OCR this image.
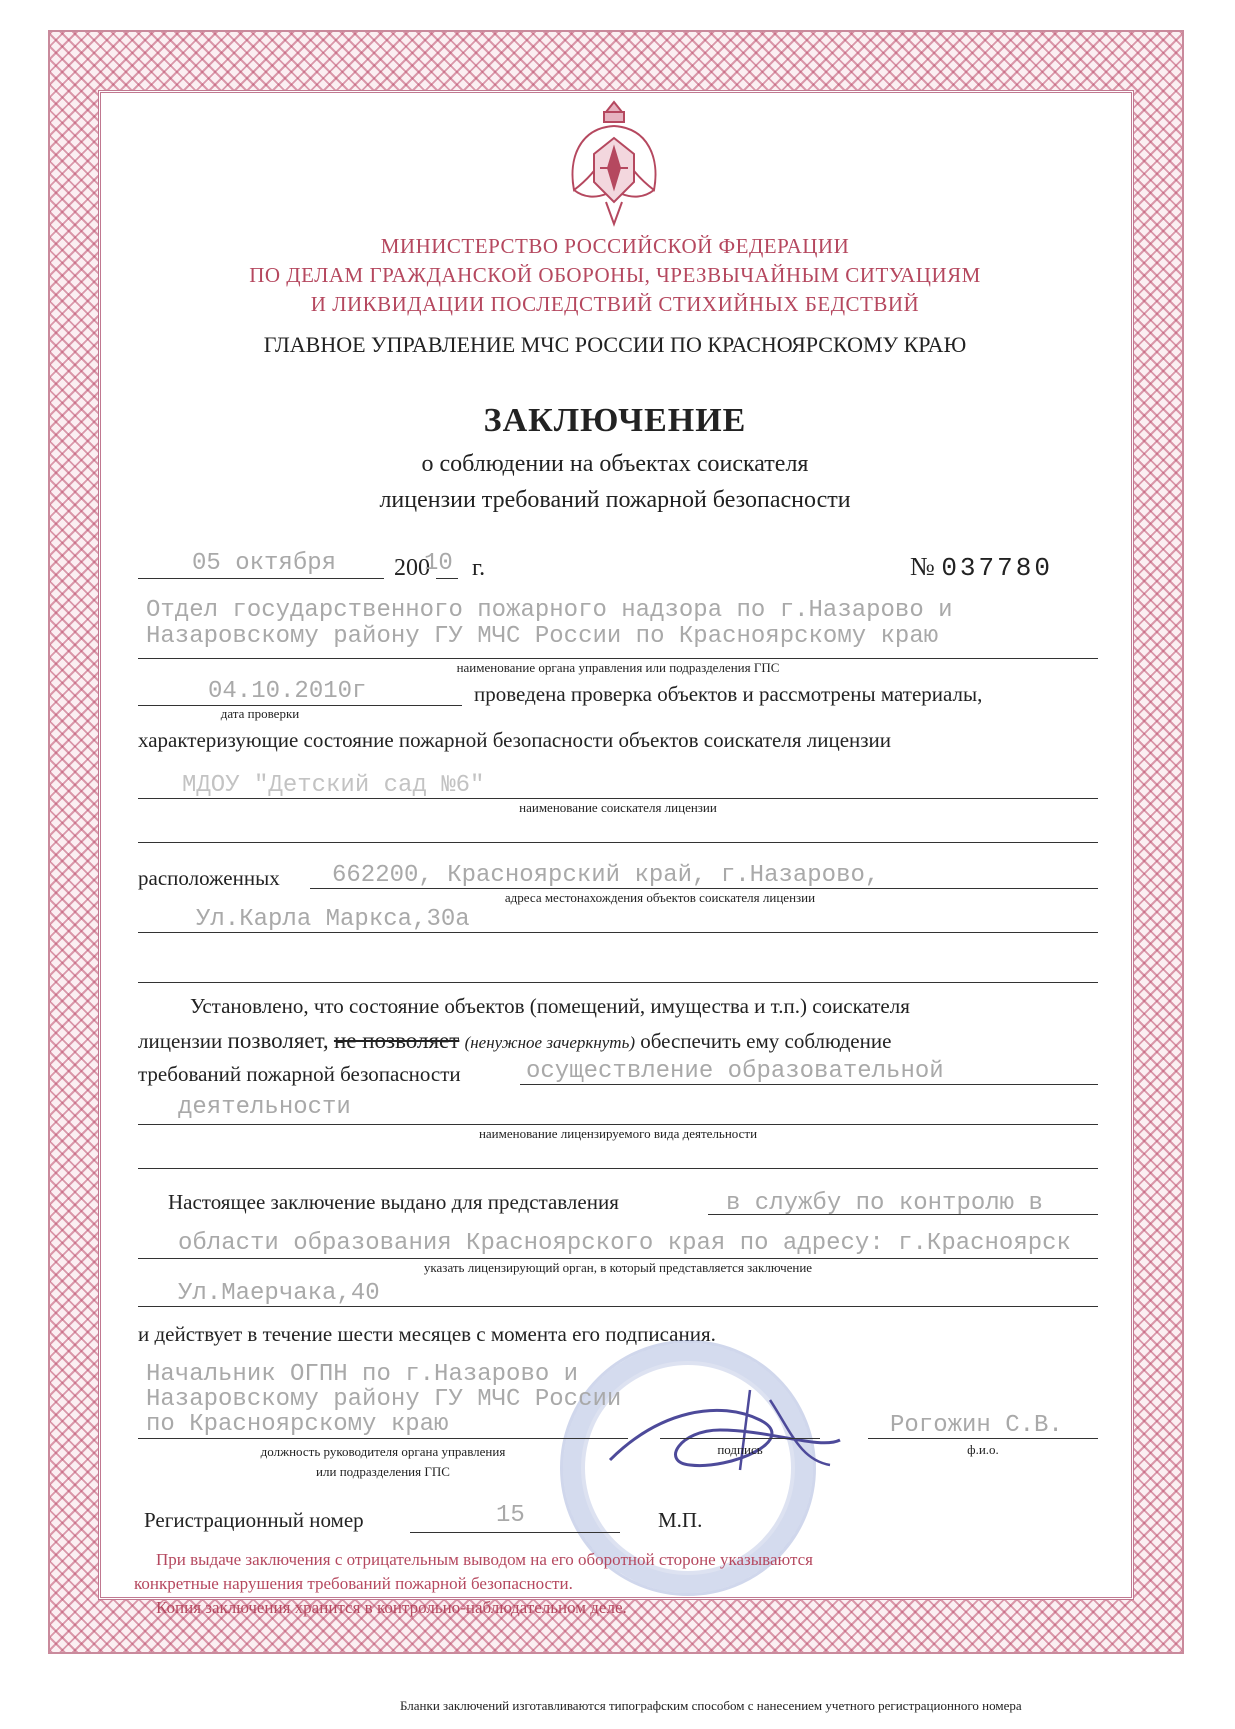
МИНИСТЕРСТВО РОССИЙСКОЙ ФЕДЕРАЦИИ
ПО ДЕЛАМ ГРАЖДАНСКОЙ ОБОРОНЫ, ЧРЕЗВЫЧАЙНЫМ СИТУАЦИЯМ
И ЛИКВИДАЦИИ ПОСЛЕДСТВИЙ СТИХИЙНЫХ БЕДСТВИЙ
ГЛАВНОЕ УПРАВЛЕНИЕ МЧС РОССИИ ПО КРАСНОЯРСКОМУ КРАЮ
ЗАКЛЮЧЕНИЕ
о соблюдении на объектах соискателя
лицензии требований пожарной безопасности
05 октября 200
10 г.	№ 037780
Отдел государственного пожарного надзора по г.Назарово и
Назаровскому району ГУ МЧС России по Красноярскому краю
наименование органа управления или подразделения ГПС
04.10.2010г
дата проверки
проведена проверка объектов и рассмотрены материалы,
характеризующие состояние пожарной безопасности объектов соискателя лицензии
МДОУ "Детский сад №6"
наименование соискателя лицензии
расположенных 662200, Красноярский край, г.Назарово,
адреса местонахождения объектов соискателя лицензии
Ул.Карла Маркса,30а
Установлено, что состояние объектов (помещений, имущества и т.п.) соискателя
лицензии позволяет, не позволяет (ненужное зачеркнуть) обеспечить ему соблюдение
требований пожарной безопасности	осуществление образовательной
деятельности
наименование лицензируемого вида деятельности
Настоящее заключение выдано для представления	в службу по контролю в
области образования Красноярского края по адресу: г.Красноярск
указать лицензирующий орган, в который представляется заключение
Ул.Маерчака,40
и действует в течение шести месяцев с момента его подписания.
Начальник ОГПН по г.Назарово и
Назаровскому району ГУ МЧС России
по Красноярскому краю	Рогожин С.В.
должность руководителя органа управления
или подразделения ГПС
подпись	ф.и.о.
Регистрационный номер	15	М.П.
При выдаче заключения с отрицательным выводом на его оборотной стороне указываются
конкретные нарушения требований пожарной безопасности.
Копия заключения хранится в контрольно-наблюдательном деле.
Бланки заключений изготавливаются типографским способом с нанесением учетного регистрационного номера
